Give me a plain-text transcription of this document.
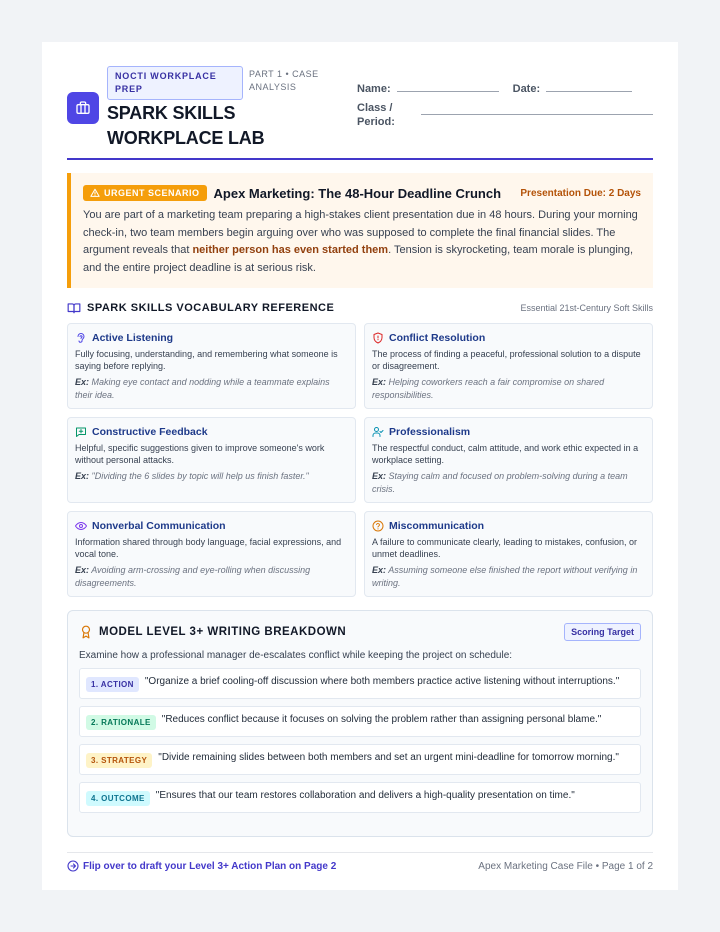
NOCTI WORKPLACE PREP
PART 1 • CASE ANALYSIS
SPARK SKILLS WORKPLACE LAB
Name:	Date:
Class / Period:
URGENT SCENARIO Apex Marketing: The 48-Hour Deadline Crunch Presentation Due: 2 Days
You are part of a marketing team preparing a high-stakes client presentation due in 48 hours. During your morning check-in, two team members begin arguing over who was supposed to complete the final financial slides. The argument reveals that neither person has even started them. Tension is skyrocketing, team morale is plunging, and the entire project deadline is at serious risk.
SPARK SKILLS VOCABULARY REFERENCE	Essential 21st-Century Soft Skills
Active Listening
Fully focusing, understanding, and remembering what someone is saying before replying.
Ex: Making eye contact and nodding while a teammate explains their idea.
Conflict Resolution
The process of finding a peaceful, professional solution to a dispute or disagreement.
Ex: Helping coworkers reach a fair compromise on shared responsibilities.
Constructive Feedback
Helpful, specific suggestions given to improve someone's work without personal attacks.
Ex: "Dividing the 6 slides by topic will help us finish faster."
Professionalism
The respectful conduct, calm attitude, and work ethic expected in a workplace setting.
Ex: Staying calm and focused on problem-solving during a team crisis.
Nonverbal Communication
Information shared through body language, facial expressions, and vocal tone.
Ex: Avoiding arm-crossing and eye-rolling when discussing disagreements.
Miscommunication
A failure to communicate clearly, leading to mistakes, confusion, or unmet deadlines.
Ex: Assuming someone else finished the report without verifying in writing.
MODEL LEVEL 3+ WRITING BREAKDOWN	Scoring Target
Examine how a professional manager de-escalates conflict while keeping the project on schedule:
1. ACTION	"Organize a brief cooling-off discussion where both members practice active listening without interruptions."
2. RATIONALE	"Reduces conflict because it focuses on solving the problem rather than assigning personal blame."
3. STRATEGY	"Divide remaining slides between both members and set an urgent mini-deadline for tomorrow morning."
4. OUTCOME	"Ensures that our team restores collaboration and delivers a high-quality presentation on time."
Flip over to draft your Level 3+ Action Plan on Page 2	Apex Marketing Case File • Page 1 of 2
